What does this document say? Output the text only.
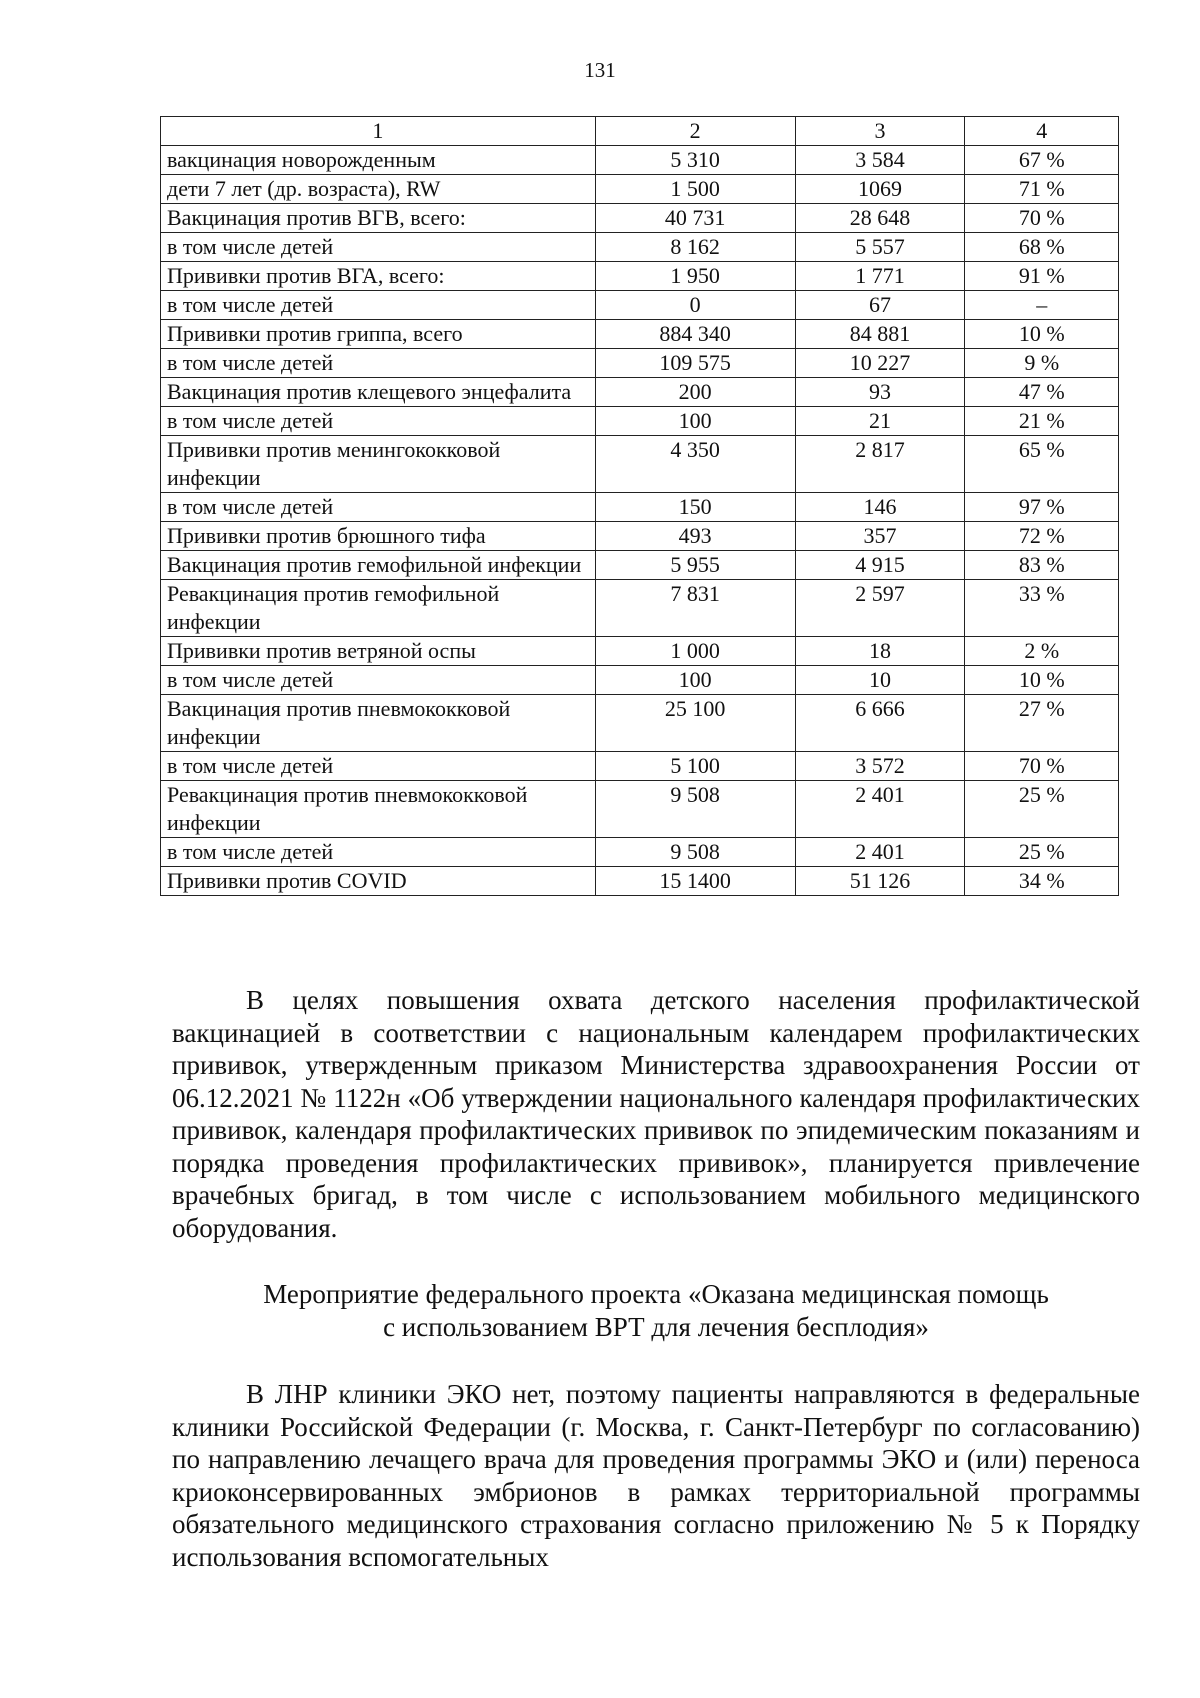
131
1	2	3	4
вакцинация новорожденным	5 310	3 584	67 %
дети 7 лет (др. возраста), RW	1 500	1069	71 %
Вакцинация против ВГВ, всего:	40 731	28 648	70 %
в том числе детей	8 162	5 557	68 %
Прививки против ВГА, всего:	1 950	1 771	91 %
в том числе детей	0	67	–
Прививки против гриппа, всего	884 340	84 881	10 %
в том числе детей	109 575	10 227	9 %
Вакцинация против клещевого энцефалита	200	93	47 %
в том числе детей	100	21	21 %
Прививки против менингококковой инфекции	4 350	2 817	65 %
в том числе детей	150	146	97 %
Прививки против брюшного тифа	493	357	72 %
Вакцинация против гемофильной инфекции	5 955	4 915	83 %
Ревакцинация против гемофильной инфекции	7 831	2 597	33 %
Прививки против ветряной оспы	1 000	18	2 %
в том числе детей	100	10	10 %
Вакцинация против пневмококковой инфекции	25 100	6 666	27 %
в том числе детей	5 100	3 572	70 %
Ревакцинация против пневмококковой инфекции	9 508	2 401	25 %
в том числе детей	9 508	2 401	25 %
Прививки против COVID	15 1400	51 126	34 %
В целях повышения охвата детского населения профилактической вакцинацией в соответствии с национальным календарем профилактических прививок, утвержденным приказом Министерства здравоохранения России от 06.12.2021 № 1122н «Об утверждении национального календаря профилактических прививок, календаря профилактических прививок по эпидемическим показаниям и порядка проведения профилактических прививок», планируется привлечение врачебных бригад, в том числе с использованием мобильного медицинского оборудования.
Мероприятие федерального проекта «Оказана медицинская помощь
с использованием ВРТ для лечения бесплодия»
В ЛНР клиники ЭКО нет, поэтому пациенты направляются в федеральные клиники Российской Федерации (г. Москва, г. Санкт-Петербург по согласованию) по направлению лечащего врача для проведения программы ЭКО и (или) переноса криоконсервированных эмбрионов в рамках территориальной программы обязательного медицинского страхования согласно приложению № 5 к Порядку использования вспомогательных
